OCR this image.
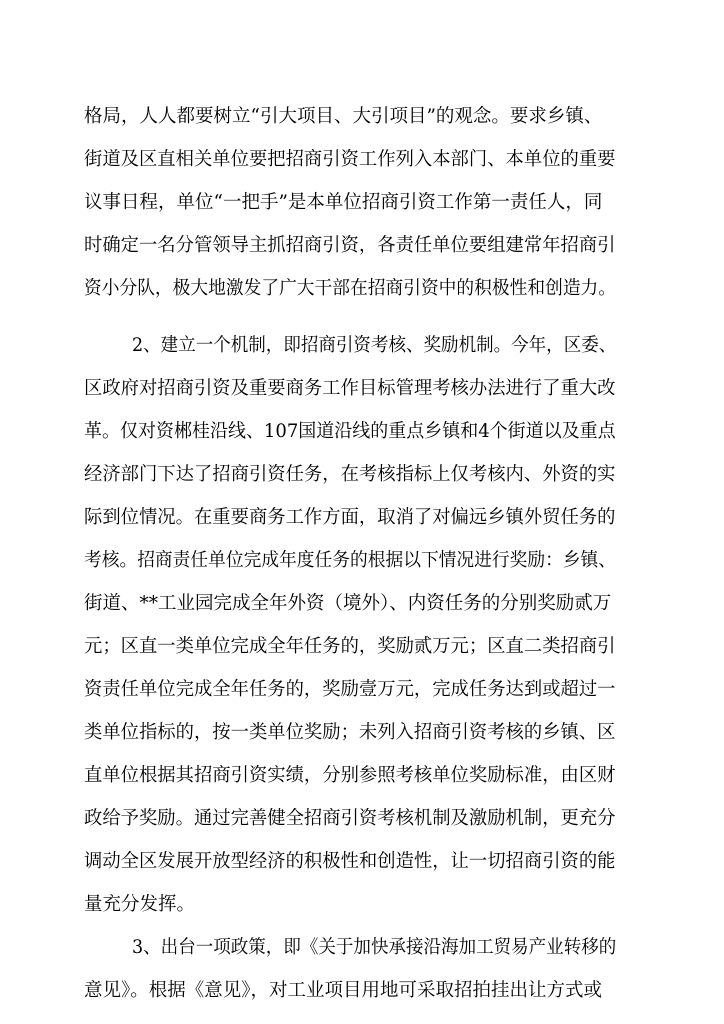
格局，人人都要树立“引大项目、大引项目”的观念。要求乡镇、
街道及区直相关单位要把招商引资工作列入本部门、本单位的重要
议事日程，单位“一把手”是本单位招商引资工作第一责任人，同
时确定一名分管领导主抓招商引资，各责任单位要组建常年招商引
资小分队，极大地激发了广大干部在招商引资中的积极性和创造力。
2、建立一个机制，即招商引资考核、奖励机制。今年，区委、
区政府对招商引资及重要商务工作目标管理考核办法进行了重大改
革。仅对资郴桂沿线、107国道沿线的重点乡镇和4个街道以及重点
经济部门下达了招商引资任务，在考核指标上仅考核内、外资的实
际到位情况。在重要商务工作方面，取消了对偏远乡镇外贸任务的
考核。招商责任单位完成年度任务的根据以下情况进行奖励：乡镇、
街道、**工业园完成全年外资（境外）、内资任务的分别奖励贰万
元；区直一类单位完成全年任务的，奖励贰万元；区直二类招商引
资责任单位完成全年任务的，奖励壹万元，完成任务达到或超过一
类单位指标的，按一类单位奖励；未列入招商引资考核的乡镇、区
直单位根据其招商引资实绩，分别参照考核单位奖励标准，由区财
政给予奖励。通过完善健全招商引资考核机制及激励机制，更充分
调动全区发展开放型经济的积极性和创造性，让一切招商引资的能
量充分发挥。
3、出台一项政策，即《关于加快承接沿海加工贸易产业转移的
意见》。根据《意见》，对工业项目用地可采取招拍挂出让方式或
